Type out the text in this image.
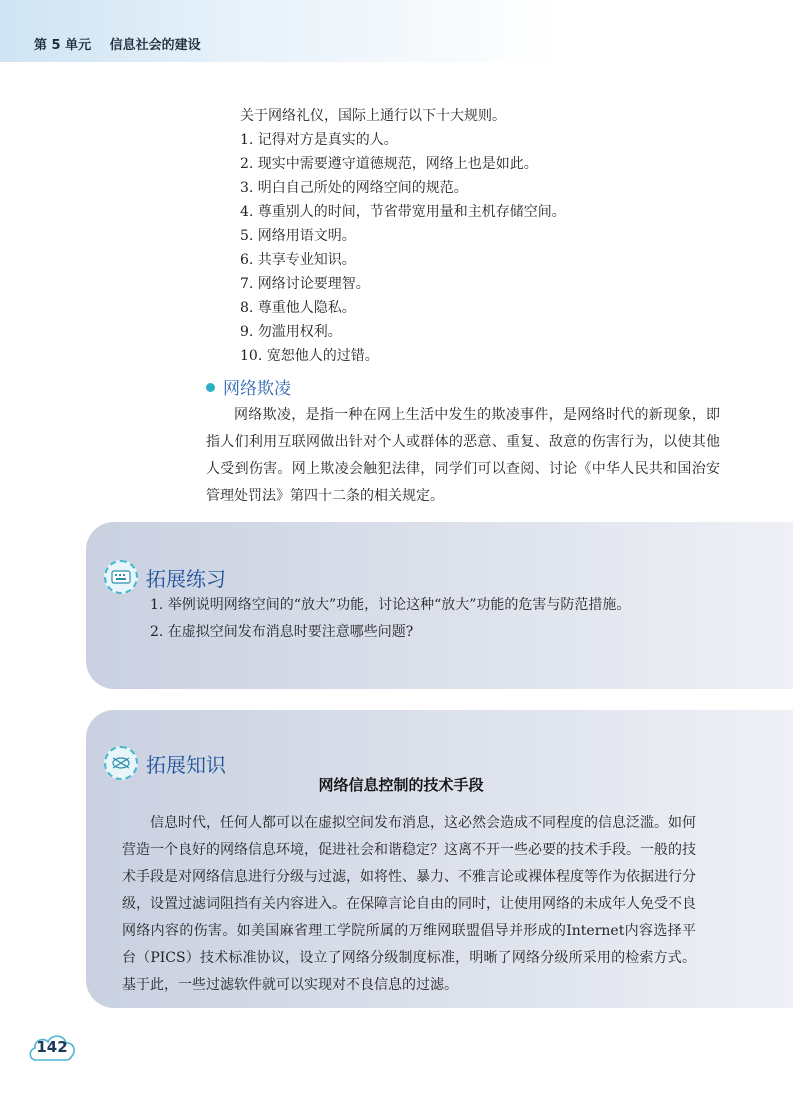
第 5 单元 信息社会的建设
关于网络礼仪，国际上通行以下十大规则。
1. 记得对方是真实的人。
2. 现实中需要遵守道德规范，网络上也是如此。
3. 明白自己所处的网络空间的规范。
4. 尊重别人的时间，节省带宽用量和主机存储空间。
5. 网络用语文明。
6. 共享专业知识。
7. 网络讨论要理智。
8. 尊重他人隐私。
9. 勿滥用权利。
10. 宽恕他人的过错。
网络欺凌
网络欺凌，是指一种在网上生活中发生的欺凌事件，是网络时代的新现象，即指人们利用互联网做出针对个人或群体的恶意、重复、敌意的伤害行为，以使其他人受到伤害。网上欺凌会触犯法律，同学们可以查阅、讨论《中华人民共和国治安管理处罚法》第四十二条的相关规定。
拓展练习
1. 举例说明网络空间的“放大”功能，讨论这种“放大”功能的危害与防范措施。
2. 在虚拟空间发布消息时要注意哪些问题?
拓展知识
网络信息控制的技术手段
信息时代，任何人都可以在虚拟空间发布消息，这必然会造成不同程度的信息泛滥。如何营造一个良好的网络信息环境，促进社会和谐稳定？这离不开一些必要的技术手段。一般的技术手段是对网络信息进行分级与过滤，如将性、暴力、不雅言论或裸体程度等作为依据进行分级，设置过滤词阻挡有关内容进入。在保障言论自由的同时，让使用网络的未成年人免受不良网络内容的伤害。如美国麻省理工学院所属的万维网联盟倡导并形成的Internet内容选择平台（PICS）技术标准协议，设立了网络分级制度标准，明晰了网络分级所采用的检索方式。基于此，一些过滤软件就可以实现对不良信息的过滤。
142
